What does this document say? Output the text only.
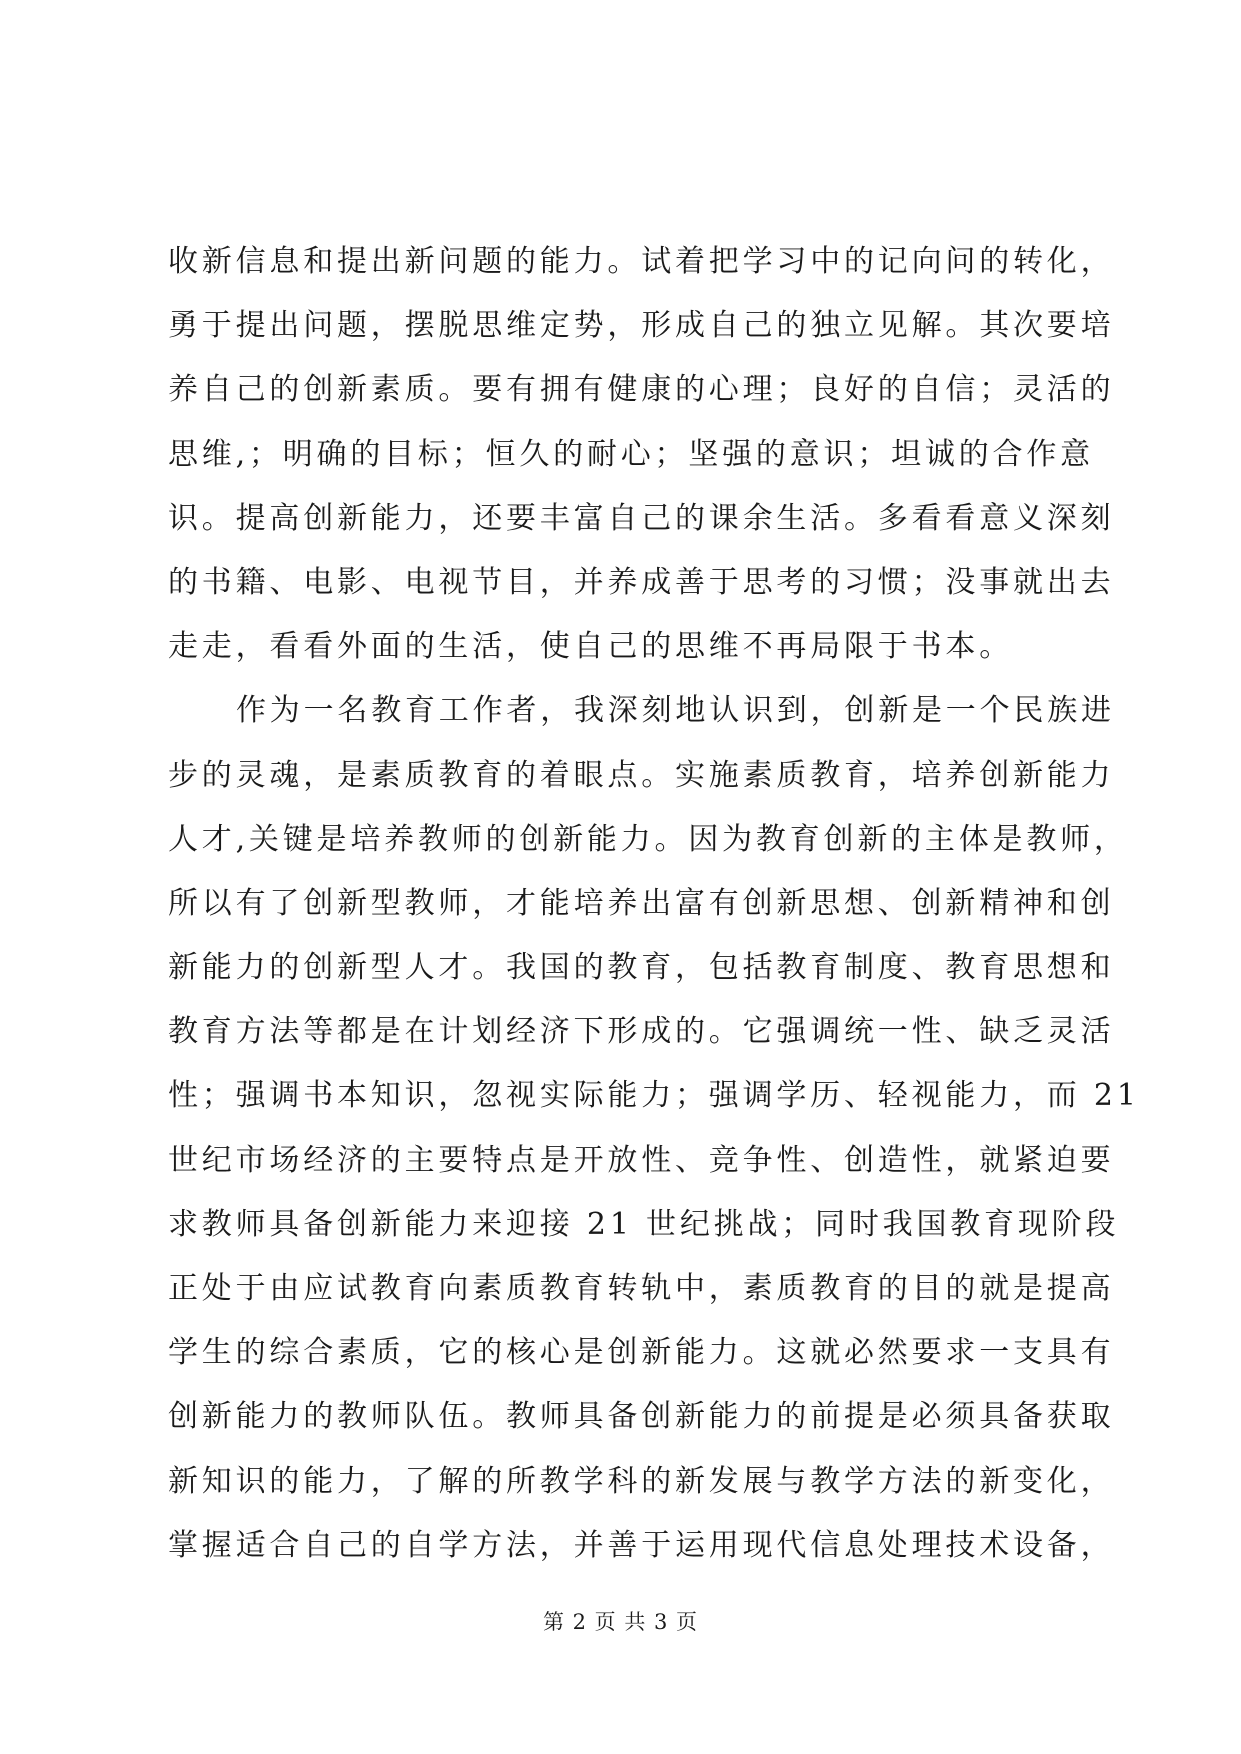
收新信息和提出新问题的能力。试着把学习中的记向问的转化，
勇于提出问题，摆脱思维定势，形成自己的独立见解。其次要培
养自己的创新素质。要有拥有健康的心理；良好的自信；灵活的
思维,；明确的目标；恒久的耐心；坚强的意识；坦诚的合作意
识。提高创新能力，还要丰富自己的课余生活。多看看意义深刻
的书籍、电影、电视节目，并养成善于思考的习惯；没事就出去
走走，看看外面的生活，使自己的思维不再局限于书本。
作为一名教育工作者，我深刻地认识到，创新是一个民族进
步的灵魂，是素质教育的着眼点。实施素质教育，培养创新能力
人才,关键是培养教师的创新能力。因为教育创新的主体是教师，
所以有了创新型教师，才能培养出富有创新思想、创新精神和创
新能力的创新型人才。我国的教育，包括教育制度、教育思想和
教育方法等都是在计划经济下形成的。它强调统一性、缺乏灵活
性；强调书本知识，忽视实际能力；强调学历、轻视能力，而 21
世纪市场经济的主要特点是开放性、竞争性、创造性，就紧迫要
求教师具备创新能力来迎接 21 世纪挑战；同时我国教育现阶段
正处于由应试教育向素质教育转轨中，素质教育的目的就是提高
学生的综合素质，它的核心是创新能力。这就必然要求一支具有
创新能力的教师队伍。教师具备创新能力的前提是必须具备获取
新知识的能力，了解的所教学科的新发展与教学方法的新变化，
掌握适合自己的自学方法，并善于运用现代信息处理技术设备，
第 2 页 共 3 页
